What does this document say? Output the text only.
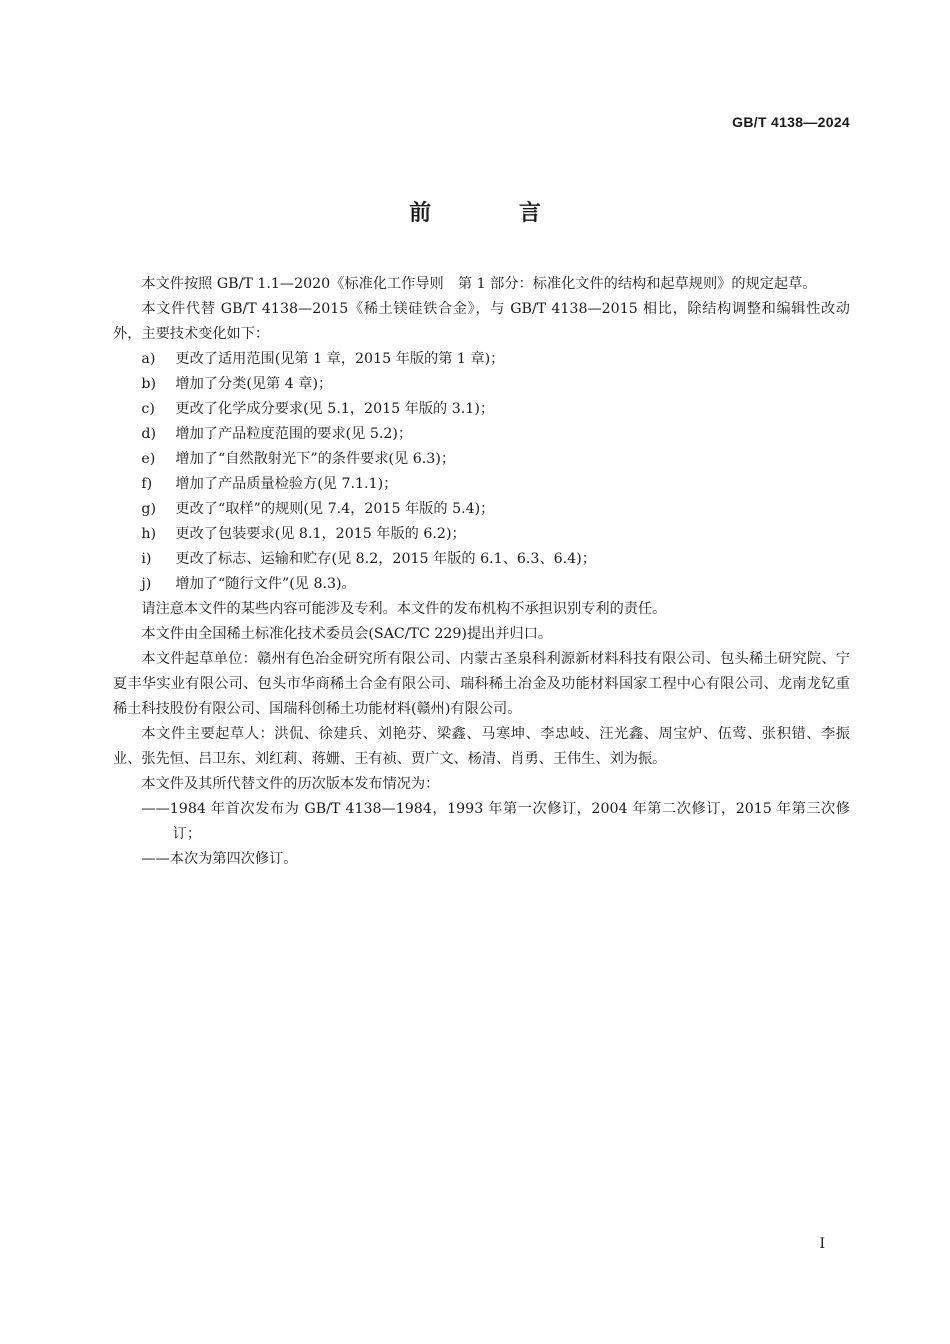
GB/T 4138—2024
前 言

本文件按照 GB/T 1.1—2020《标准化工作导则　第 1 部分：标准化文件的结构和起草规则》的规定起草。

本文件代替 GB/T 4138—2015《稀土镁硅铁合金》，与 GB/T 4138—2015 相比，除结构调整和编辑性改动外，主要技术变化如下：

a) 更改了适用范围(见第 1 章，2015 年版的第 1 章)；

b) 增加了分类(见第 4 章)；

c) 更改了化学成分要求(见 5.1，2015 年版的 3.1)；

d) 增加了产品粒度范围的要求(见 5.2)；

e) 增加了“自然散射光下”的条件要求(见 6.3)；

f) 增加了产品质量检验方(见 7.1.1)；

g) 更改了“取样”的规则(见 7.4，2015 年版的 5.4)；

h) 更改了包装要求(见 8.1，2015 年版的 6.2)；

i) 更改了标志、运输和贮存(见 8.2，2015 年版的 6.1、6.3、6.4)；

j) 增加了“随行文件”(见 8.3)。

请注意本文件的某些内容可能涉及专利。本文件的发布机构不承担识别专利的责任。

本文件由全国稀土标准化技术委员会(SAC/TC 229)提出并归口。

本文件起草单位：赣州有色冶金研究所有限公司、内蒙古圣泉科利源新材料科技有限公司、包头稀土研究院、宁夏丰华实业有限公司、包头市华商稀土合金有限公司、瑞科稀土冶金及功能材料国家工程中心有限公司、龙南龙钇重稀土科技股份有限公司、国瑞科创稀土功能材料(赣州)有限公司。

本文件主要起草人：洪侃、徐建兵、刘艳芬、梁鑫、马寒坤、李忠岐、汪光鑫、周宝炉、伍莺、张积错、李振业、张先恒、吕卫东、刘红莉、蒋姗、王有祯、贾广文、杨清、肖勇、王伟生、刘为振。

本文件及其所代替文件的历次版本发布情况为：

——1984 年首次发布为 GB/T 4138—1984，1993 年第一次修订，2004 年第二次修订，2015 年第三次修订；

——本次为第四次修订。

I
